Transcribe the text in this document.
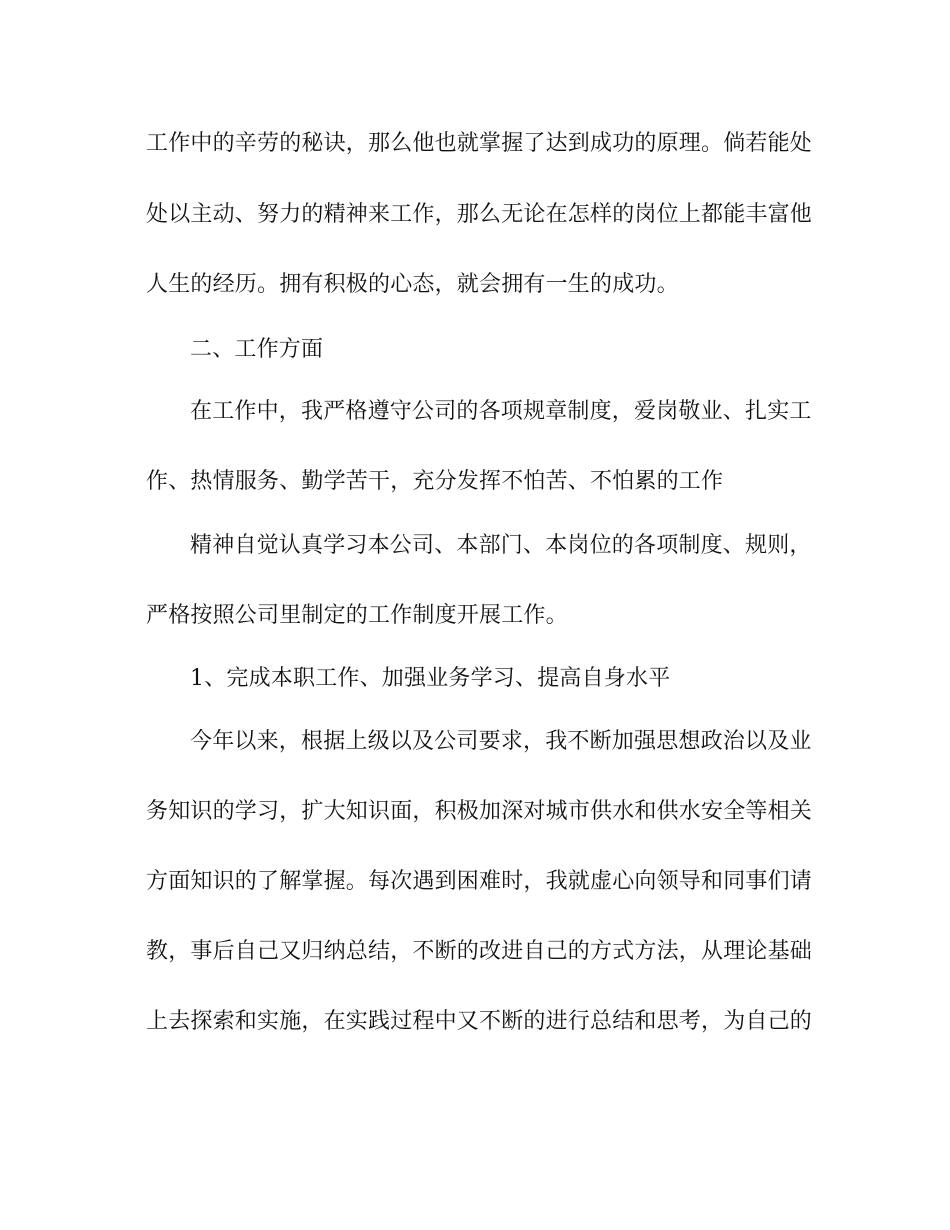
工作中的辛劳的秘诀，那么他也就掌握了达到成功的原理。倘若能处
处以主动、努力的精神来工作，那么无论在怎样的岗位上都能丰富他
人生的经历。拥有积极的心态，就会拥有一生的成功。
二、工作方面
在工作中，我严格遵守公司的各项规章制度，爱岗敬业、扎实工
作、热情服务、勤学苦干，充分发挥不怕苦、不怕累的工作
精神自觉认真学习本公司、本部门、本岗位的各项制度、规则，
严格按照公司里制定的工作制度开展工作。
1、完成本职工作、加强业务学习、提高自身水平
今年以来，根据上级以及公司要求，我不断加强思想政治以及业
务知识的学习，扩大知识面，积极加深对城市供水和供水安全等相关
方面知识的了解掌握。每次遇到困难时，我就虚心向领导和同事们请
教，事后自己又归纳总结，不断的改进自己的方式方法，从理论基础
上去探索和实施，在实践过程中又不断的进行总结和思考，为自己的
